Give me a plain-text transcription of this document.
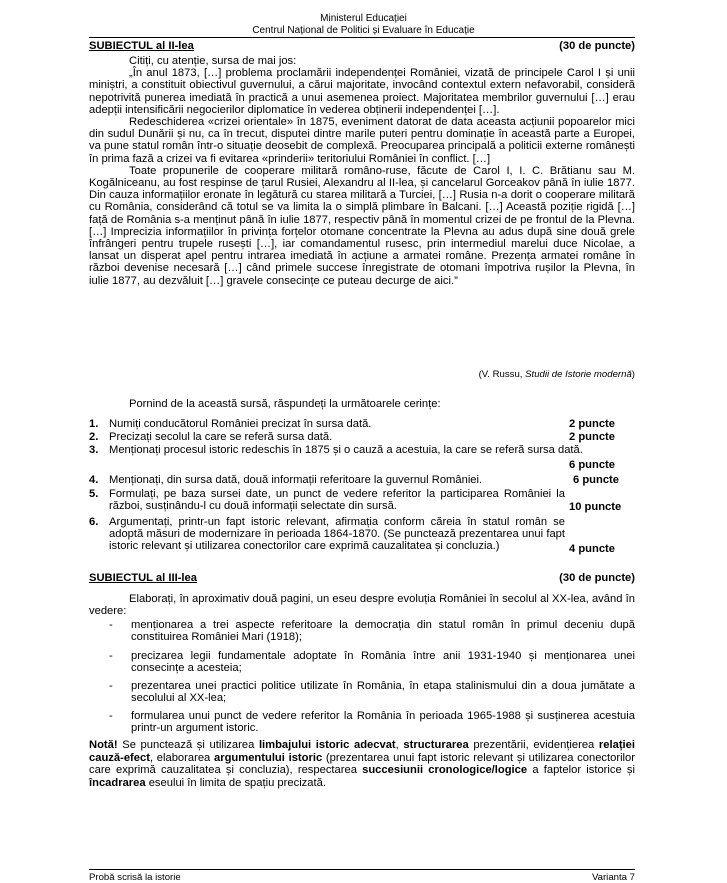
Ministerul Educației
Centrul Național de Politici și Evaluare în Educație
SUBIECTUL al II-lea	(30 de puncte)

Citiți, cu atenție, sursa de mai jos:

„În anul 1873, […] problema proclamării independenței României, vizată de principele Carol I și unii miniștri, a constituit obiectivul guvernului, a cărui majoritate, invocând contextul extern nefavorabil, consideră nepotrivită punerea imediată în practică a unui asemenea proiect. Majoritatea membrilor guvernului […] erau adepții intensificării negocierilor diplomatice în vederea obținerii independenței […].

Redeschiderea «crizei orientale» în 1875, eveniment datorat de data aceasta acțiunii popoarelor mici din sudul Dunării și nu, ca în trecut, disputei dintre marile puteri pentru dominație în această parte a Europei, va pune statul român într-o situație deosebit de complexă. Preocuparea principală a politicii externe românești în prima fază a crizei va fi evitarea «prinderii» teritoriului României în conflict. […]

Toate propunerile de cooperare militară româno-ruse, făcute de Carol I, I. C. Brătianu sau M. Kogălniceanu, au fost respinse de țarul Rusiei, Alexandru al II-lea, și cancelarul Gorceakov până în iulie 1877. Din cauza informațiilor eronate în legătură cu starea militară a Turciei, […] Rusia n-a dorit o cooperare militară cu România, considerând că totul se va limita la o simplă plimbare în Balcani. […] Această poziție rigidă […] față de România s-a menținut până în iulie 1877, respectiv până în momentul crizei de pe frontul de la Plevna. […] Imprecizia informațiilor în privința forțelor otomane concentrate la Plevna au adus după sine două grele înfrângeri pentru trupele rusești […], iar comandamentul rusesc, prin intermediul marelui duce Nicolae, a lansat un disperat apel pentru intrarea imediată în acțiune a armatei române. Prezența armatei române în război devenise necesară […] când primele succese înregistrate de otomani împotriva rușilor la Plevna, în iulie 1877, au dezvăluit […] gravele consecințe ce puteau decurge de aici.”

(V. Russu, Studii de Istorie modernă)

Pornind de la această sursă, răspundeți la următoarele cerințe:

1. Numiți conducătorul României precizat în sursa dată.	2 puncte
2. Precizați secolul la care se referă sursa dată.	2 puncte
3. Menționați procesul istoric redeschis în 1875 și o cauză a acestuia, la care se referă sursa dată.
6 puncte
4. Menționați, din sursa dată, două informații referitoare la guvernul României.	6 puncte
5. Formulați, pe baza sursei date, un punct de vedere referitor la participarea României la război, susținându-l cu două informații selectate din sursă.	10 puncte
6. Argumentați, printr-un fapt istoric relevant, afirmația conform căreia în statul român se adoptă măsuri de modernizare în perioada 1864-1870. (Se punctează prezentarea unui fapt istoric relevant și utilizarea conectorilor care exprimă cauzalitatea și concluzia.)	4 puncte
SUBIECTUL al III-lea	(30 de puncte)

Elaborați, în aproximativ două pagini, un eseu despre evoluția României în secolul al XX-lea, având în vedere:

- menționarea a trei aspecte referitoare la democrația din statul român în primul deceniu după constituirea României Mari (1918);
- precizarea legii fundamentale adoptate în România între anii 1931-1940 și menționarea unei consecințe a acesteia;
- prezentarea unei practici politice utilizate în România, în etapa stalinismului din a doua jumătate a secolului al XX-lea;
- formularea unui punct de vedere referitor la România în perioada 1965-1988 și susținerea acestuia printr-un argument istoric.
Notă! Se punctează și utilizarea limbajului istoric adecvat, structurarea prezentării, evidențierea relației cauză-efect, elaborarea argumentului istoric (prezentarea unui fapt istoric relevant și utilizarea conectorilor care exprimă cauzalitatea și concluzia), respectarea succesiunii cronologice/logice a faptelor istorice și încadrarea eseului în limita de spațiu precizată.
Probă scrisă la istorie	Varianta 7
